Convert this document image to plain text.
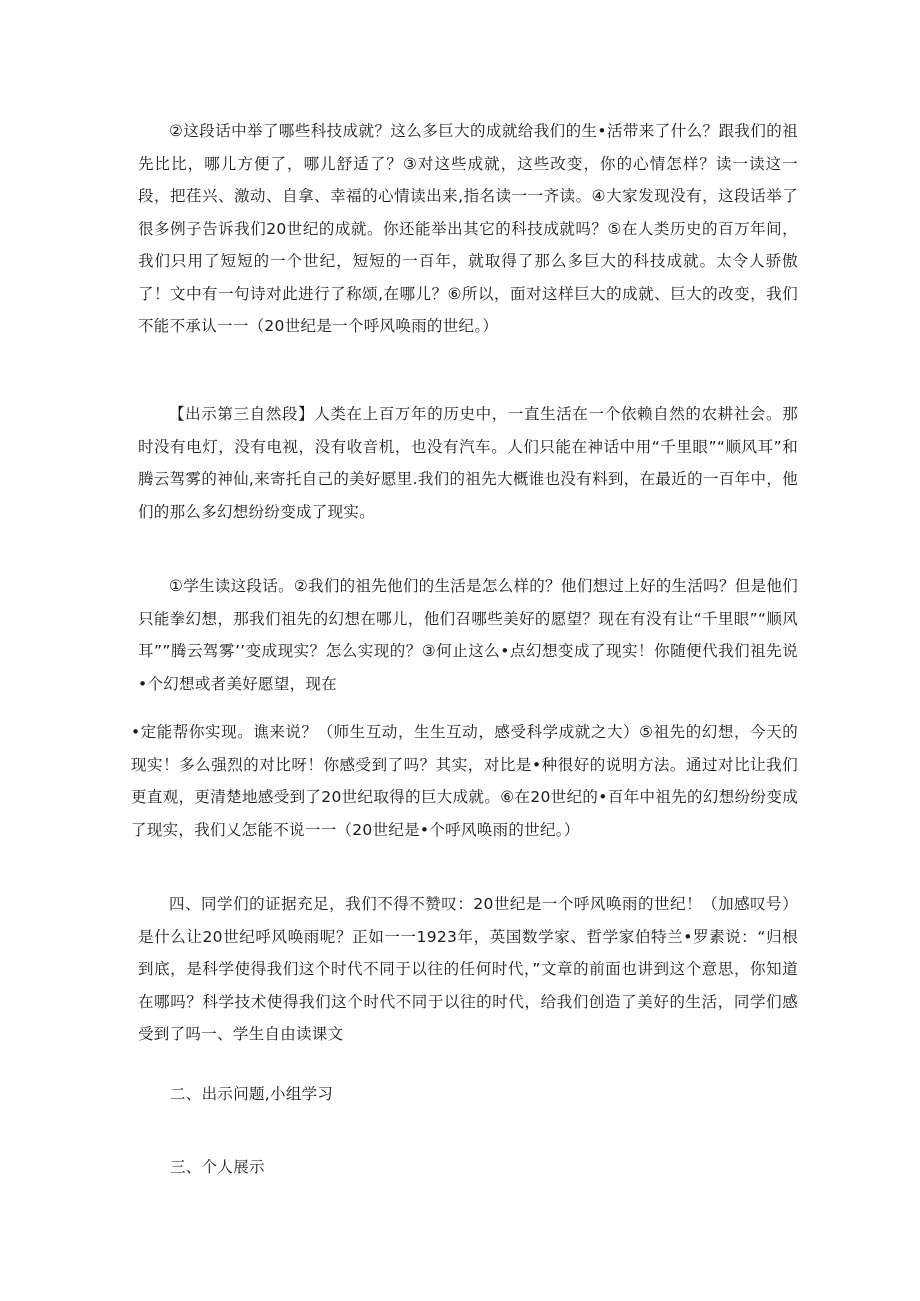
②这段话中举了哪些科技成就？这么多巨大的成就给我们的生•活带来了什么？跟我们的祖先比比，哪儿方便了，哪儿舒适了？③对这些成就，这些改变，你的心情怎样？读一读这一段，把荏兴、激动、自拿、幸福的心情读出来,指名读一一齐读。④大家发现没有，这段话举了很多例子告诉我们20世纪的成就。你还能举出其它的科技成就吗？⑤在人类历史的百万年间，我们只用了短短的一个世纪，短短的一百年，就取得了那么多巨大的科技成就。太令人骄傲了！文中有一句诗对此进行了称颂,在哪儿？⑥所以，面对这样巨大的成就、巨大的改变，我们不能不承认一一（20世纪是一个呼风唤雨的世纪。）

【出示第三自然段】人类在上百万年的历史中，一直生活在一个依赖自然的农耕社会。那时没有电灯，没有电视，没有收音机，也没有汽车。人们只能在神话中用“千里眼”“顺风耳”和腾云驾雾的神仙,来寄托自己的美好愿里.我们的祖先大概谁也没有料到，在最近的一百年中，他们的那么多幻想纷纷变成了现实。

①学生读这段话。②我们的祖先他们的生活是怎么样的？他们想过上好的生活吗？但是他们只能拳幻想，那我们祖先的幻想在哪儿，他们召哪些美好的愿望？现在有没有让“千里眼”“顺风耳””腾云驾雾’’变成现实？怎么实现的？③何止这么•点幻想变成了现实！你随便代我们祖先说•个幻想或者美好愿望，现在

•定能帮你实现。谯来说？（师生互动，生生互动，感受科学成就之大）⑤祖先的幻想，今天的现实！多么强烈的对比呀！你感受到了吗？其实，对比是•种很好的说明方法。通过对比让我们更直观，更清楚地感受到了20世纪取得的巨大成就。⑥在20世纪的•百年中祖先的幻想纷纷变成了现实，我们乂怎能不说一一（20世纪是•个呼风唤雨的世纪。）

四、同学们的证据充足，我们不得不赞叹：20世纪是一个呼风唤雨的世纪！（加感叹号）是什么让20世纪呼风唤雨呢？正如一一1923年，英国数学家、哲学家伯特兰•罗素说：“归根到底，是科学使得我们这个时代不同于以往的任何时代，”文章的前面也讲到这个意思，你知道在哪吗？科学技术使得我们这个时代不同于以往的时代，给我们创造了美好的生活，同学们感受到了吗一、学生自由读课文

二、出示问题,小组学习

三、个人展示
